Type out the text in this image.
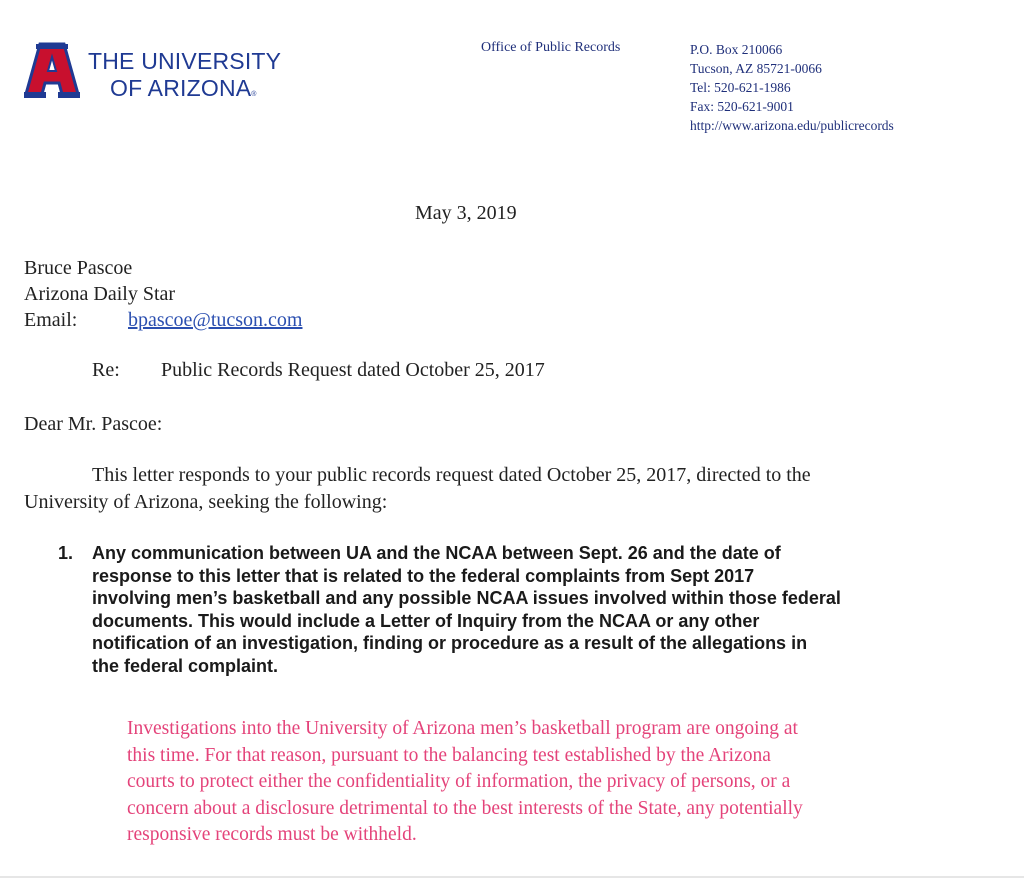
THE UNIVERSITY
OF ARIZONA®
Office of Public Records	P.O. Box 210066
Tucson, AZ 85721-0066
Tel: 520-621-1986
Fax: 520-621-9001
http://www.arizona.edu/publicrecords
May 3, 2019
Bruce Pascoe
Arizona Daily Star
Email:	bpascoe@tucson.com
Re: Public Records Request dated October 25, 2017
Dear Mr. Pascoe:
This letter responds to your public records request dated October 25, 2017, directed to the
University of Arizona, seeking the following:
1.	Any communication between UA and the NCAA between Sept. 26 and the date of
response to this letter that is related to the federal complaints from Sept 2017
involving men’s basketball and any possible NCAA issues involved within those federal
documents. This would include a Letter of Inquiry from the NCAA or any other
notification of an investigation, finding or procedure as a result of the allegations in
the federal complaint.
Investigations into the University of Arizona men’s basketball program are ongoing at
this time. For that reason, pursuant to the balancing test established by the Arizona
courts to protect either the confidentiality of information, the privacy of persons, or a
concern about a disclosure detrimental to the best interests of the State, any potentially
responsive records must be withheld.
